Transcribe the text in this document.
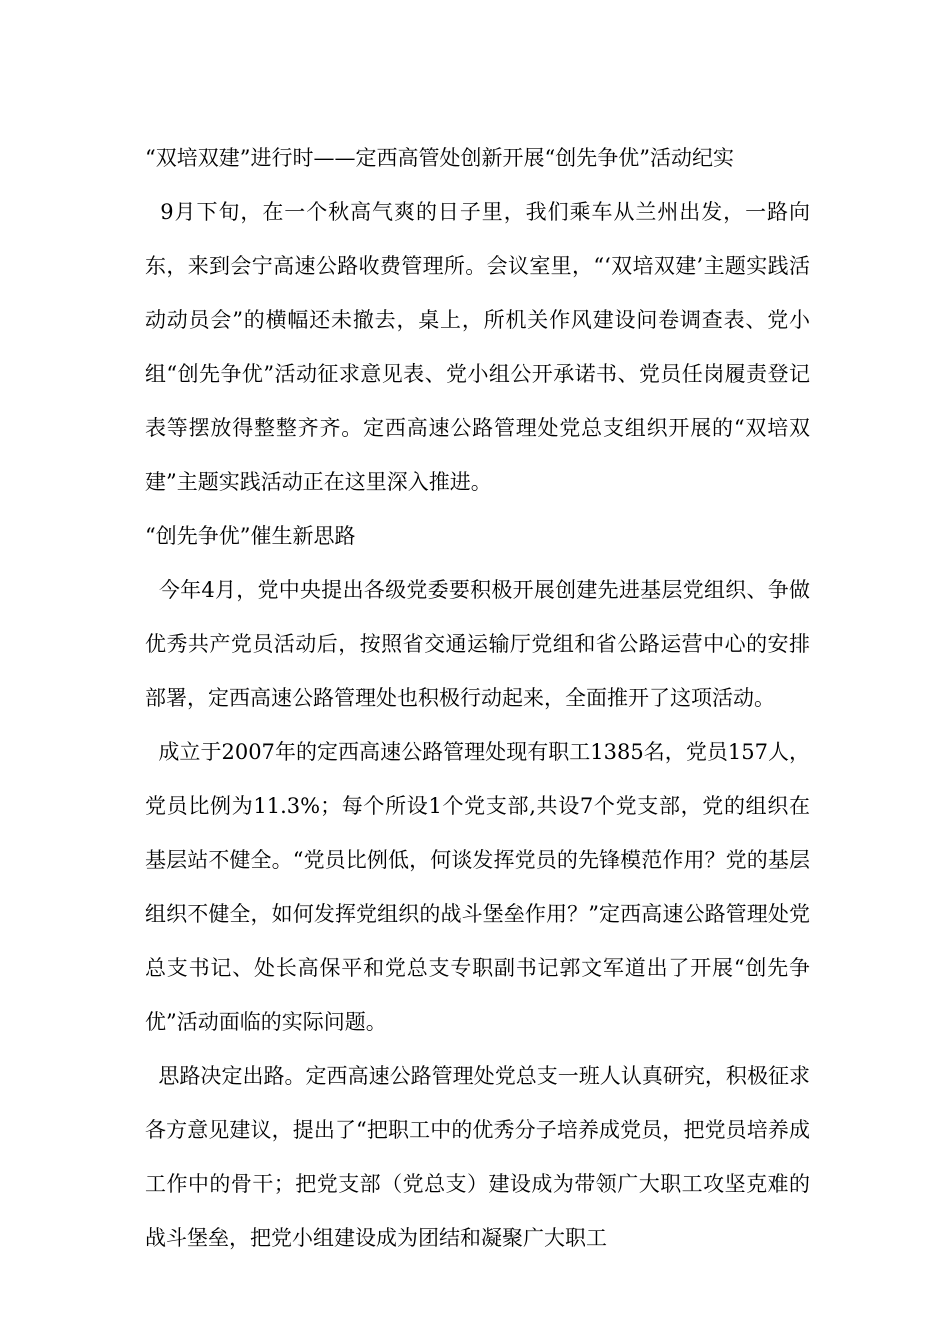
“双培双建”进行时——定西高管处创新开展“创先争优”活动纪实

9月下旬，在一个秋高气爽的日子里，我们乘车从兰州出发，一路向东，来到会宁高速公路收费管理所。会议室里，“‘双培双建’主题实践活动动员会”的横幅还未撤去，桌上，所机关作风建设问卷调查表、党小组“创先争优”活动征求意见表、党小组公开承诺书、党员任岗履责登记表等摆放得整整齐齐。定西高速公路管理处党总支组织开展的“双培双建”主题实践活动正在这里深入推进。

“创先争优”催生新思路

今年4月，党中央提出各级党委要积极开展创建先进基层党组织、争做优秀共产党员活动后，按照省交通运输厅党组和省公路运营中心的安排部署，定西高速公路管理处也积极行动起来，全面推开了这项活动。

成立于2007年的定西高速公路管理处现有职工1385名，党员157人，党员比例为11.3%；每个所设1个党支部,共设7个党支部，党的组织在基层站不健全。“党员比例低，何谈发挥党员的先锋模范作用？党的基层组织不健全，如何发挥党组织的战斗堡垒作用？”定西高速公路管理处党总支书记、处长高保平和党总支专职副书记郭文军道出了开展“创先争优”活动面临的实际问题。

思路决定出路。定西高速公路管理处党总支一班人认真研究，积极征求各方意见建议，提出了“把职工中的优秀分子培养成党员，把党员培养成工作中的骨干；把党支部（党总支）建设成为带领广大职工攻坚克难的战斗堡垒，把党小组建设成为团结和凝聚广大职工
